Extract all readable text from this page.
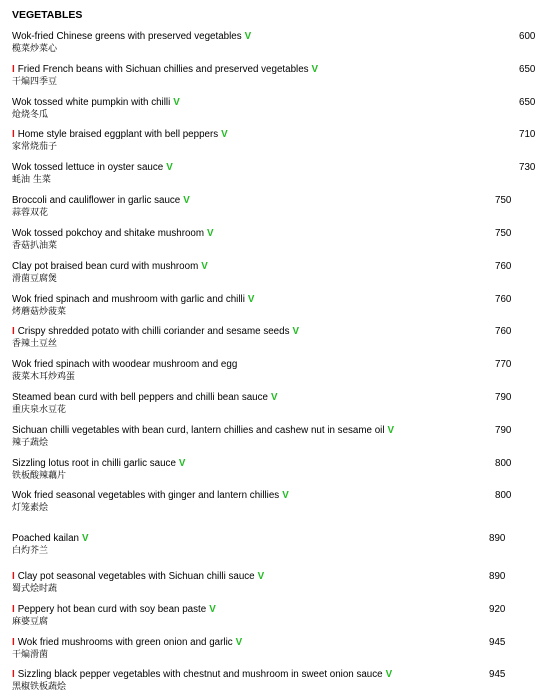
VEGETABLES
Wok-fried Chinese greens with preserved vegetables V
榄菜炒菜心
600
I Fried French beans with Sichuan chillies and preserved vegetables V
干煸四季豆
650
Wok tossed white pumpkin with chilli V
炝烧冬瓜
650
I Home style braised eggplant with bell peppers V
家常烧茄子
710
Wok tossed lettuce in oyster sauce V
蚝油 生菜
730
Broccoli and cauliflower in garlic sauce V
蒜蓉双花
750
Wok tossed pokchoy and shitake mushroom V
香菇扒油菜
750
Clay pot braised bean curd with mushroom V
滑菌豆腐煲
760
Wok fried spinach and mushroom with garlic and chilli V
烤蘑菇炒菠菜
760
I Crispy shredded potato with chilli coriander and sesame seeds V
香辣土豆丝
760
Wok fried spinach with woodear mushroom and egg
菠菜木耳炒鸡蛋
770
Steamed bean curd with bell peppers and chilli bean sauce V
重庆泉水豆花
790
Sichuan chilli vegetables with bean curd, lantern chillies and cashew nut in sesame oil V
辣子蔬烩
790
Sizzling lotus root in chilli garlic sauce V
铁板酸辣藕片
800
Wok fried seasonal vegetables with ginger and lantern chillies V
灯笼素烩
800
Poached kailan V
白灼芥兰
890
I Clay pot seasonal vegetables with Sichuan chilli sauce V
蜀式烩时蔬
890
I Peppery hot bean curd with soy bean paste V
麻婆豆腐
920
I Wok fried mushrooms with green onion and garlic V
干煸滑菌
945
I Sizzling black pepper vegetables with chestnut and mushroom in sweet onion sauce V
黑椒铁板蔬烩
945
